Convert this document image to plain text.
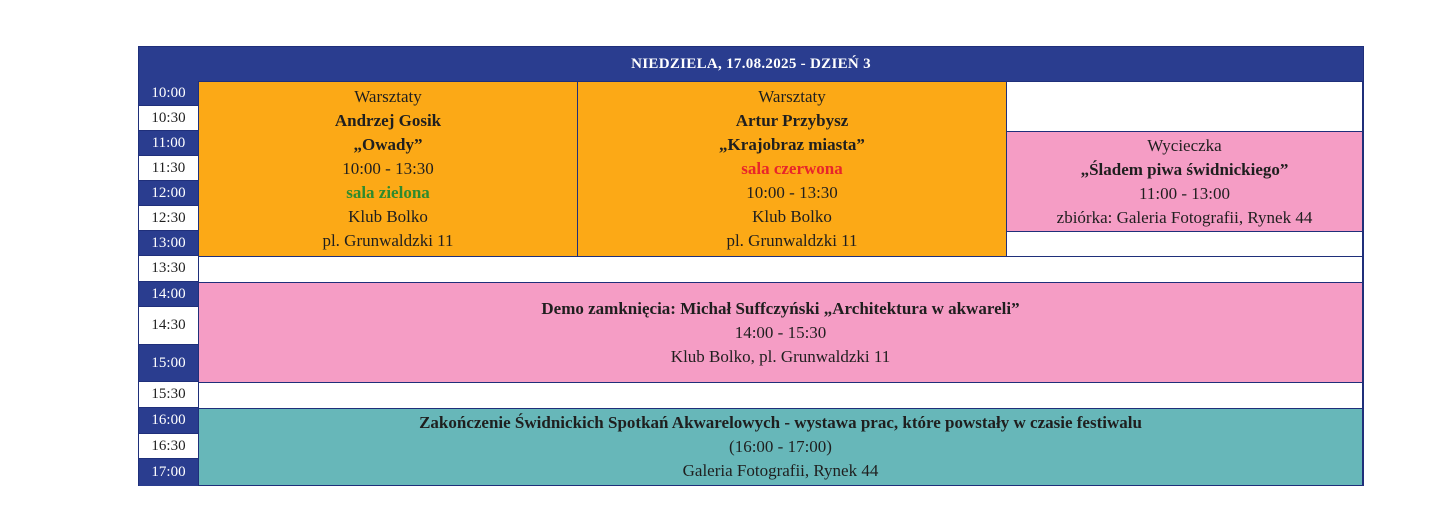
NIEDZIELA, 17.08.2025 - DZIEŃ 3
10:00
10:30
11:00
11:30
12:00
12:30
13:00
13:30
14:00
14:30
15:00
15:30
16:00
16:30
17:00
Warsztaty
Andrzej Gosik
„Owady”
10:00 - 13:30
sala zielona
Klub Bolko
pl. Grunwaldzki 11
Warsztaty
Artur Przybysz
„Krajobraz miasta”
sala czerwona
10:00 - 13:30
Klub Bolko
pl. Grunwaldzki 11
Wycieczka
„Śladem piwa świdnickiego”
11:00 - 13:00
zbiórka: Galeria Fotografii, Rynek 44
Demo zamknięcia: Michał Suffczyński „Architektura w akwareli”
14:00 - 15:30
Klub Bolko, pl. Grunwaldzki 11
Zakończenie Świdnickich Spotkań Akwarelowych - wystawa prac, które powstały w czasie festiwalu
(16:00 - 17:00)
Galeria Fotografii, Rynek 44
